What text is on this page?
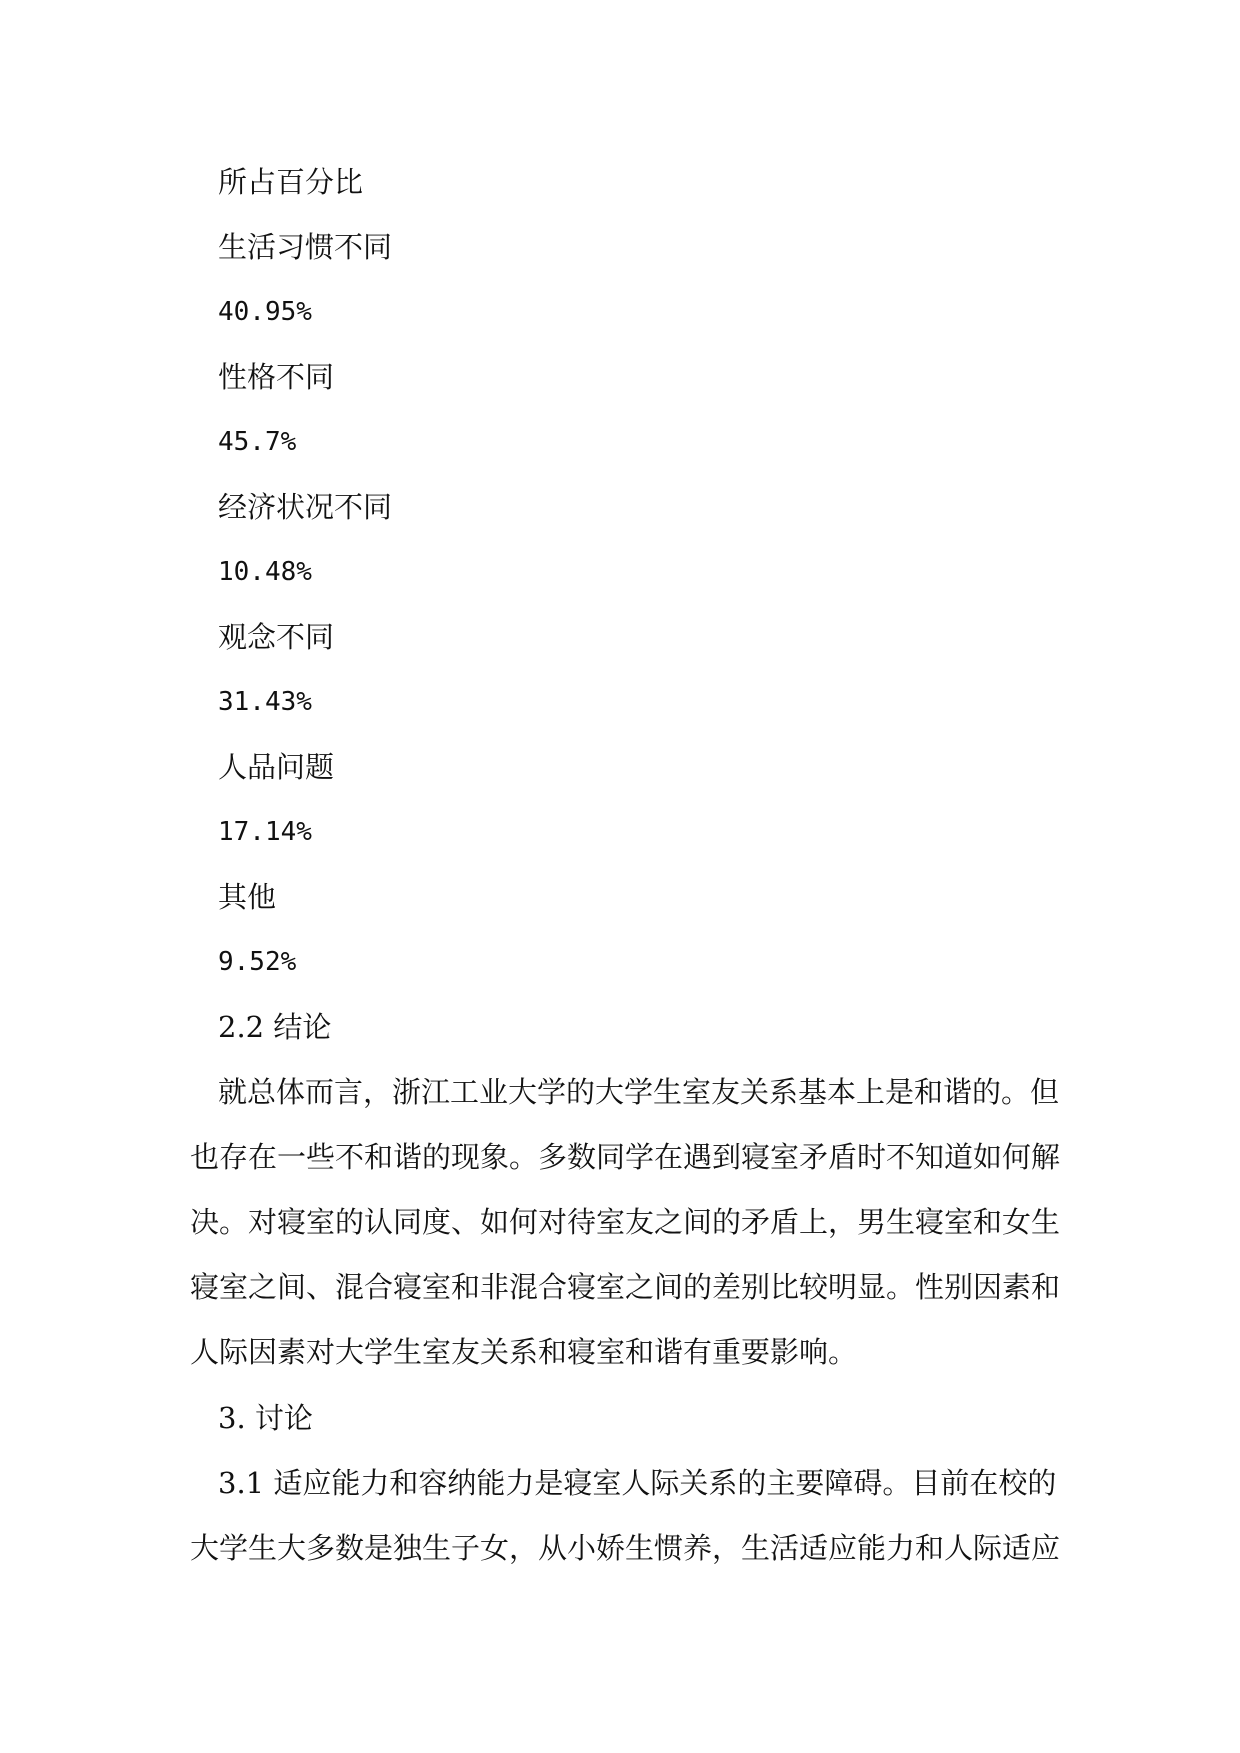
所占百分比
生活习惯不同
40.95%
性格不同
45.7%
经济状况不同
10.48%
观念不同
31.43%
人品问题
17.14%
其他
9.52%
2.2 结论

就总体而言，浙江工业大学的大学生室友关系基本上是和谐的。但也存在一些不和谐的现象。多数同学在遇到寝室矛盾时不知道如何解决。对寝室的认同度、如何对待室友之间的矛盾上，男生寝室和女生寝室之间、混合寝室和非混合寝室之间的差别比较明显。性别因素和人际因素对大学生室友关系和寝室和谐有重要影响。

3. 讨论

3.1 适应能力和容纳能力是寝室人际关系的主要障碍。目前在校的大学生大多数是独生子女，从小娇生惯养，生活适应能力和人际适应
